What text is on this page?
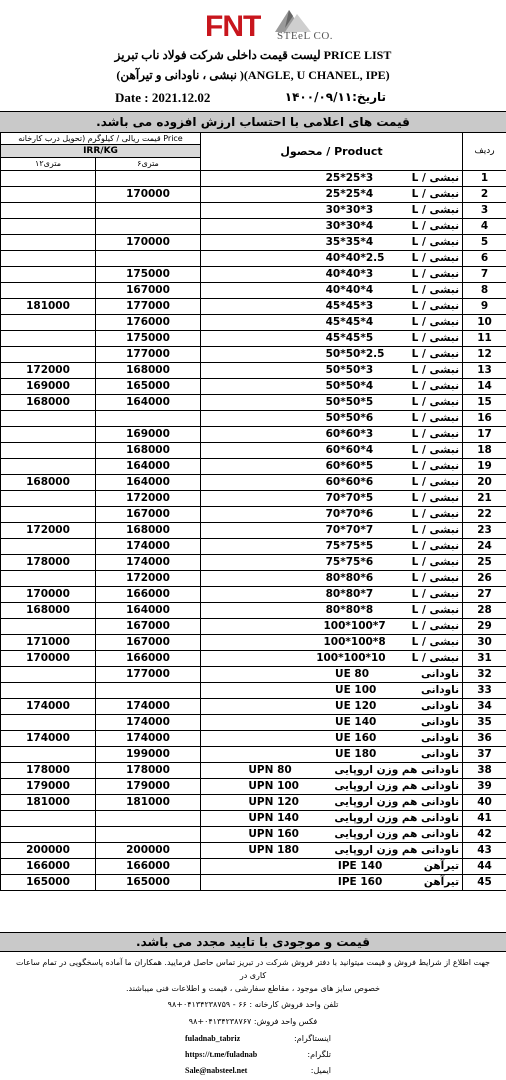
FNT STEeL CO.
لیست قیمت داخلی شرکت فولاد ناب تبریز PRICE LIST
(نبشی ، ناودانی و تیرآهن )(ANGLE, U CHANEL, IPE)
Date : 2021.12.02	تاریخ:۱۴۰۰/۰۹/۱۱
قیمت های اعلامی با احتساب ارزش افزوده می باشد.
قیمت ریالی / کیلوگرم (تحویل درب کارخانه Price		محصول / Product	ردیف
IRR/KG			
۱۲متری	۶متری		
		نبشی / L25*25*3	1
	170000	نبشی / L25*25*4	2
		نبشی / L30*30*3	3
		نبشی / L30*30*4	4
	170000	نبشی / L35*35*4	5
		نبشی / L40*40*2.5	6
	175000	نبشی / L40*40*3	7
	167000	نبشی / L40*40*4	8
181000	177000	نبشی / L45*45*3	9
	176000	نبشی / L45*45*4	10
	175000	نبشی / L45*45*5	11
	177000	نبشی / L50*50*2.5	12
172000	168000	نبشی / L50*50*3	13
169000	165000	نبشی / L50*50*4	14
168000	164000	نبشی / L50*50*5	15
		نبشی / L50*50*6	16
	169000	نبشی / L60*60*3	17
	168000	نبشی / L60*60*4	18
	164000	نبشی / L60*60*5	19
168000	164000	نبشی / L60*60*6	20
	172000	نبشی / L70*70*5	21
	167000	نبشی / L70*70*6	22
172000	168000	نبشی / L70*70*7	23
	174000	نبشی / L75*75*5	24
178000	174000	نبشی / L75*75*6	25
	172000	نبشی / L80*80*6	26
170000	166000	نبشی / L80*80*7	27
168000	164000	نبشی / L80*80*8	28
	167000	نبشی / L100*100*7	29
171000	167000	نبشی / L100*100*8	30
170000	166000	نبشی / L100*100*10	31
	177000	ناودانیUE 80	32
		ناودانیUE 100	33
174000	174000	ناودانیUE 120	34
	174000	ناودانیUE 140	35
174000	174000	ناودانیUE 160	36
	199000	ناودانیUE 180	37
178000	178000	ناودانی هم وزن اروپاییUPN 80	38
179000	179000	ناودانی هم وزن اروپاییUPN 100	39
181000	181000	ناودانی هم وزن اروپاییUPN 120	40
		ناودانی هم وزن اروپاییUPN 140	41
		ناودانی هم وزن اروپاییUPN 160	42
200000	200000	ناودانی هم وزن اروپاییUPN 180	43
166000	166000	تیرآهنIPE 140	44
165000	165000	تیرآهنIPE 160	45
قیمت و موجودی با تایید مجدد می باشد.
جهت اطلاع از شرایط فروش و قیمت میتوانید با دفتر فروش شرکت در تبریز تماس حاصل فرمایید. همکاران ما آماده پاسخگویی در تمام ساعات کاری در
خصوص سایز های موجود ، مقاطع سفارشی ، قیمت و اطلاعات فنی میباشند.
تلفن واحد فروش کارخانه : ۶۶ - ۰۴۱۳۴۲۳۸۷۵۹+۹۸
فکس واحد فروش: ۰۴۱۳۴۲۳۸۷۶۷+۹۸
اینستاگرام:
fuladnab_tabriz
تلگرام:
https://t.me/fuladnab
ایمیل:
Sale@nabsteel.net
